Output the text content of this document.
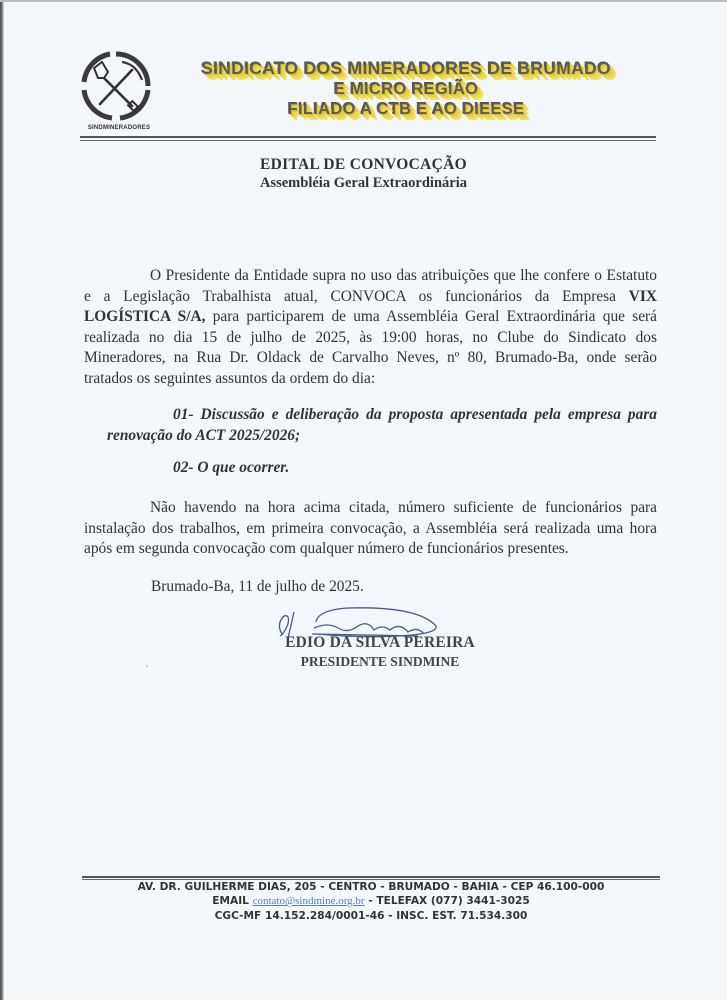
SINDMINERADORES
SINDICATO DOS MINERADORES DE BRUMADO
E MICRO REGIÃO
FILIADO A CTB E AO DIEESE
EDITAL DE CONVOCAÇÃO
Assembléia Geral Extraordinária
O Presidente da Entidade supra no uso das atribuições que lhe confere o Estatuto e a Legislação Trabalhista atual, CONVOCA os funcionários da Empresa VIX LOGÍSTICA S/A, para participarem de uma Assembléia Geral Extraordinária que será realizada no dia 15 de julho de 2025, às 19:00 horas, no Clube do Sindicato dos Mineradores, na Rua Dr. Oldack de Carvalho Neves, nº 80, Brumado-Ba, onde serão tratados os seguintes assuntos da ordem do dia:
01- Discussão e deliberação da proposta apresentada pela empresa para renovação do ACT 2025/2026;
02- O que ocorrer.
Não havendo na hora acima citada, número suficiente de funcionários para instalação dos trabalhos, em primeira convocação, a Assembléia será realizada uma hora após em segunda convocação com qualquer número de funcionários presentes.
Brumado-Ba, 11 de julho de 2025.
EDIO DA SILVA PEREIRA
PRESIDENTE SINDMINE
AV. DR. GUILHERME DIAS, 205 - CENTRO - BRUMADO - BAHIA - CEP 46.100-000
EMAIL contato@sindmine.org.br - TELEFAX (077) 3441-3025
CGC-MF 14.152.284/0001-46 - INSC. EST. 71.534.300
